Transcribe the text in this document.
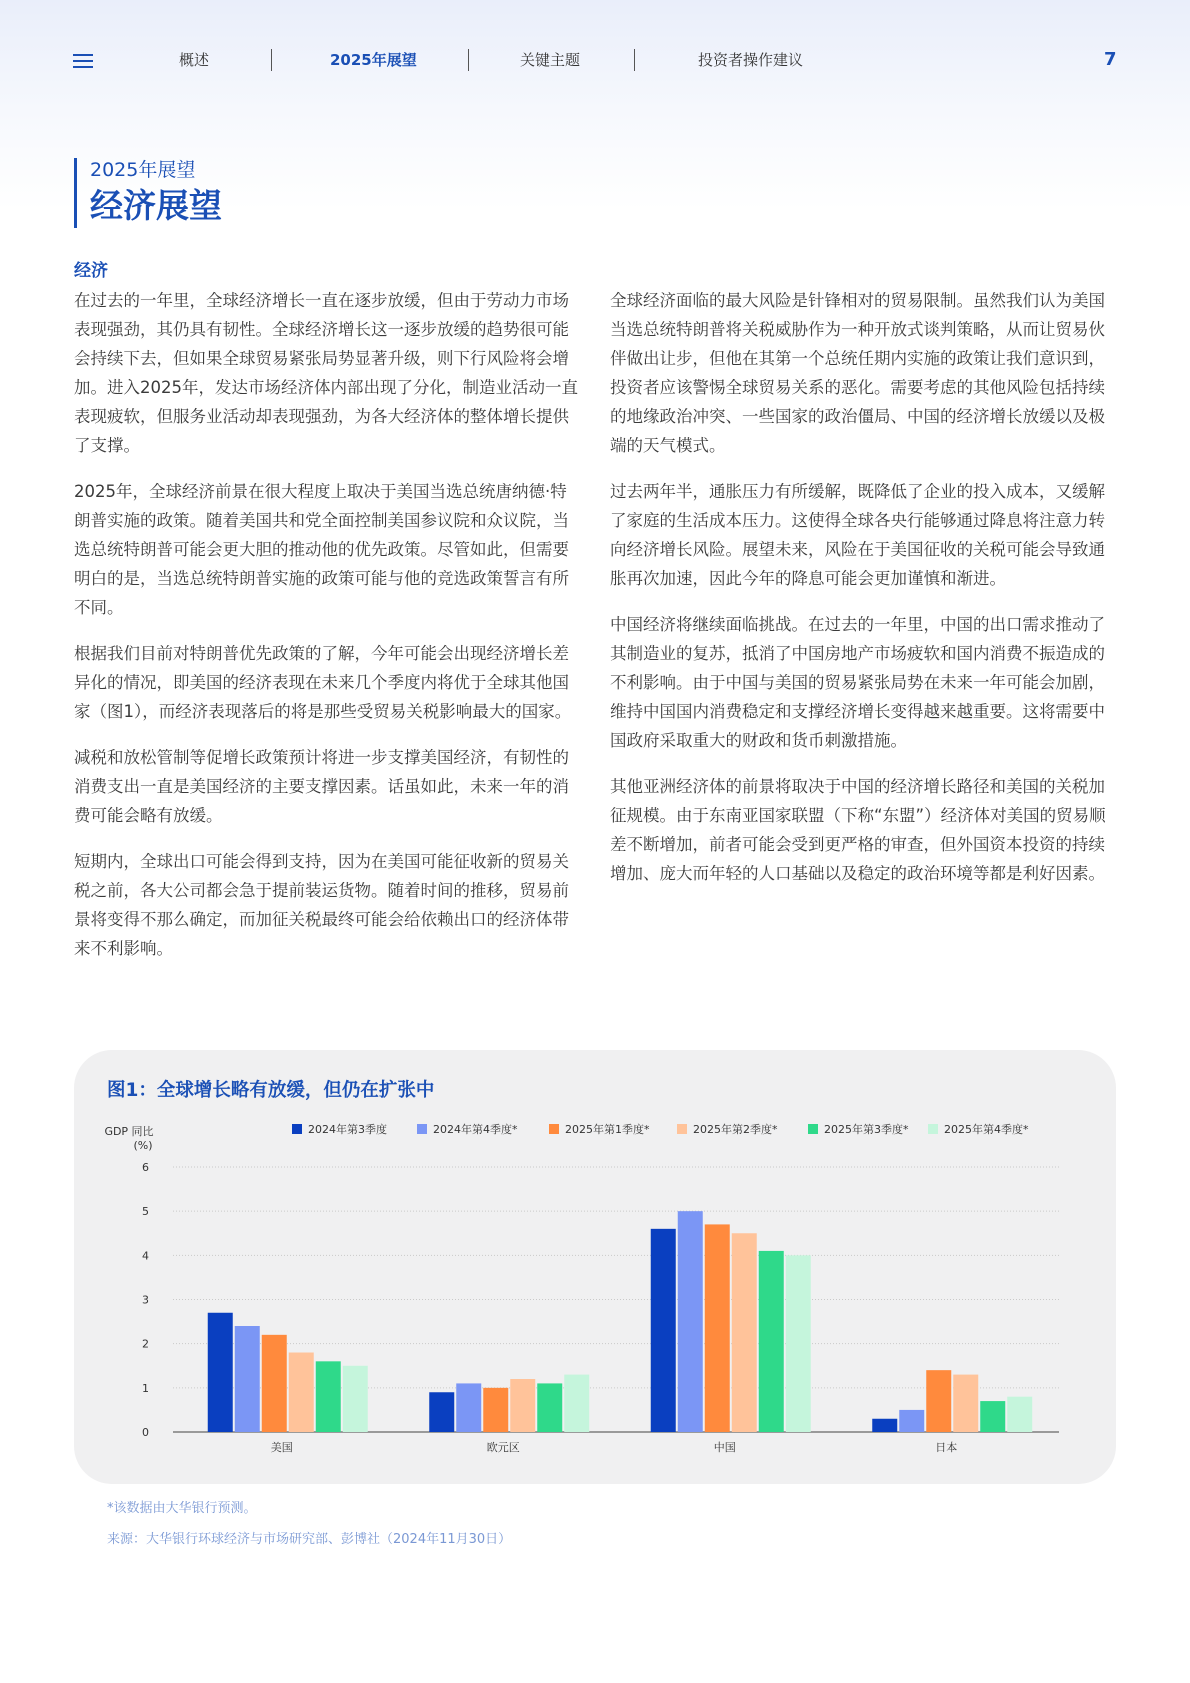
概述	2025年展望	关键主题	投资者操作建议	7
2025年展望
经济展望
经济

在过去的一年里，全球经济增长一直在逐步放缓，但由于劳动力市场表现强劲，其仍具有韧性。全球经济增长这一逐步放缓的趋势很可能会持续下去，但如果全球贸易紧张局势显著升级，则下行风险将会增加。进入2025年，发达市场经济体内部出现了分化，制造业活动一直表现疲软，但服务业活动却表现强劲，为各大经济体的整体增长提供了支撑。

2025年，全球经济前景在很大程度上取决于美国当选总统唐纳德·特朗普实施的政策。随着美国共和党全面控制美国参议院和众议院，当选总统特朗普可能会更大胆的推动他的优先政策。尽管如此，但需要明白的是，当选总统特朗普实施的政策可能与他的竞选政策誓言有所不同。

根据我们目前对特朗普优先政策的了解，今年可能会出现经济增长差异化的情况，即美国的经济表现在未来几个季度内将优于全球其他国家（图1），而经济表现落后的将是那些受贸易关税影响最大的国家。

减税和放松管制等促增长政策预计将进一步支撑美国经济，有韧性的消费支出一直是美国经济的主要支撑因素。话虽如此，未来一年的消费可能会略有放缓。

短期内，全球出口可能会得到支持，因为在美国可能征收新的贸易关税之前，各大公司都会急于提前装运货物。随着时间的推移，贸易前景将变得不那么确定，而加征关税最终可能会给依赖出口的经济体带来不利影响。

全球经济面临的最大风险是针锋相对的贸易限制。虽然我们认为美国当选总统特朗普将关税威胁作为一种开放式谈判策略，从而让贸易伙伴做出让步，但他在其第一个总统任期内实施的政策让我们意识到，投资者应该警惕全球贸易关系的恶化。需要考虑的其他风险包括持续的地缘政治冲突、一些国家的政治僵局、中国的经济增长放缓以及极端的天气模式。

过去两年半，通胀压力有所缓解，既降低了企业的投入成本，又缓解了家庭的生活成本压力。这使得全球各央行能够通过降息将注意力转向经济增长风险。展望未来，风险在于美国征收的关税可能会导致通胀再次加速，因此今年的降息可能会更加谨慎和渐进。

中国经济将继续面临挑战。在过去的一年里，中国的出口需求推动了其制造业的复苏，抵消了中国房地产市场疲软和国内消费不振造成的不利影响。由于中国与美国的贸易紧张局势在未来一年可能会加剧，维持中国国内消费稳定和支撑经济增长变得越来越重要。这将需要中国政府采取重大的财政和货币刺激措施。

其他亚洲经济体的前景将取决于中国的经济增长路径和美国的关税加征规模。由于东南亚国家联盟（下称“东盟”）经济体对美国的贸易顺差不断增加，前者可能会受到更严格的审查，但外国资本投资的持续增加、庞大而年轻的人口基础以及稳定的政治环境等都是利好因素。

图1：全球增长略有放缓，但仍在扩张中
GDP 同比
(%)
0
1
2
3
4
5
6
2024年第3季度	2024年第4季度*	2025年第1季度*	2025年第2季度*	2025年第3季度*	2025年第4季度*
美国	欧元区	中国	日本
*该数据由大华银行预测。
来源：大华银行环球经济与市场研究部、彭博社（2024年11月30日）
